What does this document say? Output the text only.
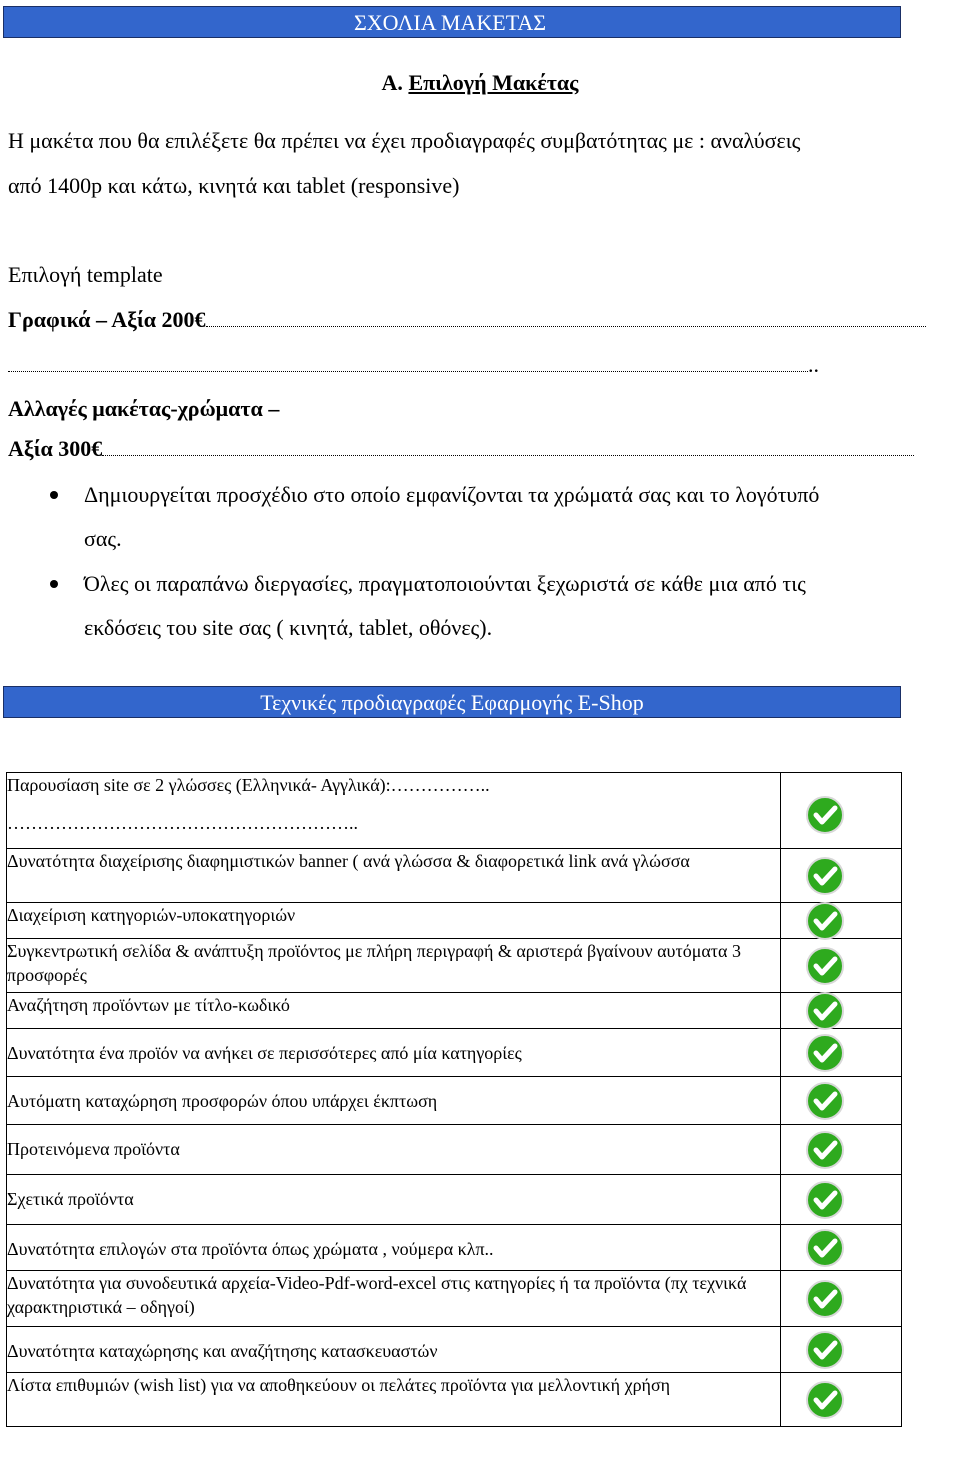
ΣΧΟΛΙΑ ΜΑΚΕΤΑΣ
Α. Επιλογή Μακέτας
Η μακέτα που θα επιλέξετε θα πρέπει να έχει προδιαγραφές συμβατότητας με : αναλύσεις
από 1400p και κάτω, κινητά και tablet (responsive)
Επιλογή template
Γραφικά – Αξία 200€
..
Αλλαγές μακέτας-χρώματα –
Αξία 300€
Δημιουργείται προσχέδιο στο οποίο εμφανίζονται τα χρώματά σας και το λογότυπό
σας.
Όλες οι παραπάνω διεργασίες, πραγματοποιούνται ξεχωριστά σε κάθε μια από τις
εκδόσεις του site σας ( κινητά, tablet, οθόνες).
Τεχνικές προδιαγραφές Εφαρμογής E-Shop
Παρουσίαση site σε 2 γλώσσες (Ελληνικά- Αγγλικά):……………..
…………………………………………………..

Δυνατότητα διαχείρισης διαφημιστικών banner ( ανά γλώσσα & διαφορετικά link ανά γλώσσα	

Διαχείριση κατηγοριών-υποκατηγοριών	

Συγκεντρωτική σελίδα & ανάπτυξη προϊόντος με πλήρη περιγραφή & αριστερά βγαίνουν αυτόματα 3 προσφορές	

Αναζήτηση προϊόντων με τίτλο-κωδικό	

Δυνατότητα ένα προϊόν να ανήκει σε περισσότερες από μία κατηγορίες	

Αυτόματη καταχώρηση προσφορών όπου υπάρχει έκπτωση	

Προτεινόμενα προϊόντα	

Σχετικά προϊόντα	

Δυνατότητα επιλογών στα προϊόντα όπως χρώματα , νούμερα κλπ..	

Δυνατότητα για συνοδευτικά αρχεία-Video-Pdf-word-excel στις κατηγορίες ή τα προϊόντα (πχ τεχνικά χαρακτηριστικά – οδηγοί)	

Δυνατότητα καταχώρησης και αναζήτησης κατασκευαστών	

Λίστα επιθυμιών (wish list) για να αποθηκεύουν οι πελάτες προϊόντα για μελλοντική χρήση	
